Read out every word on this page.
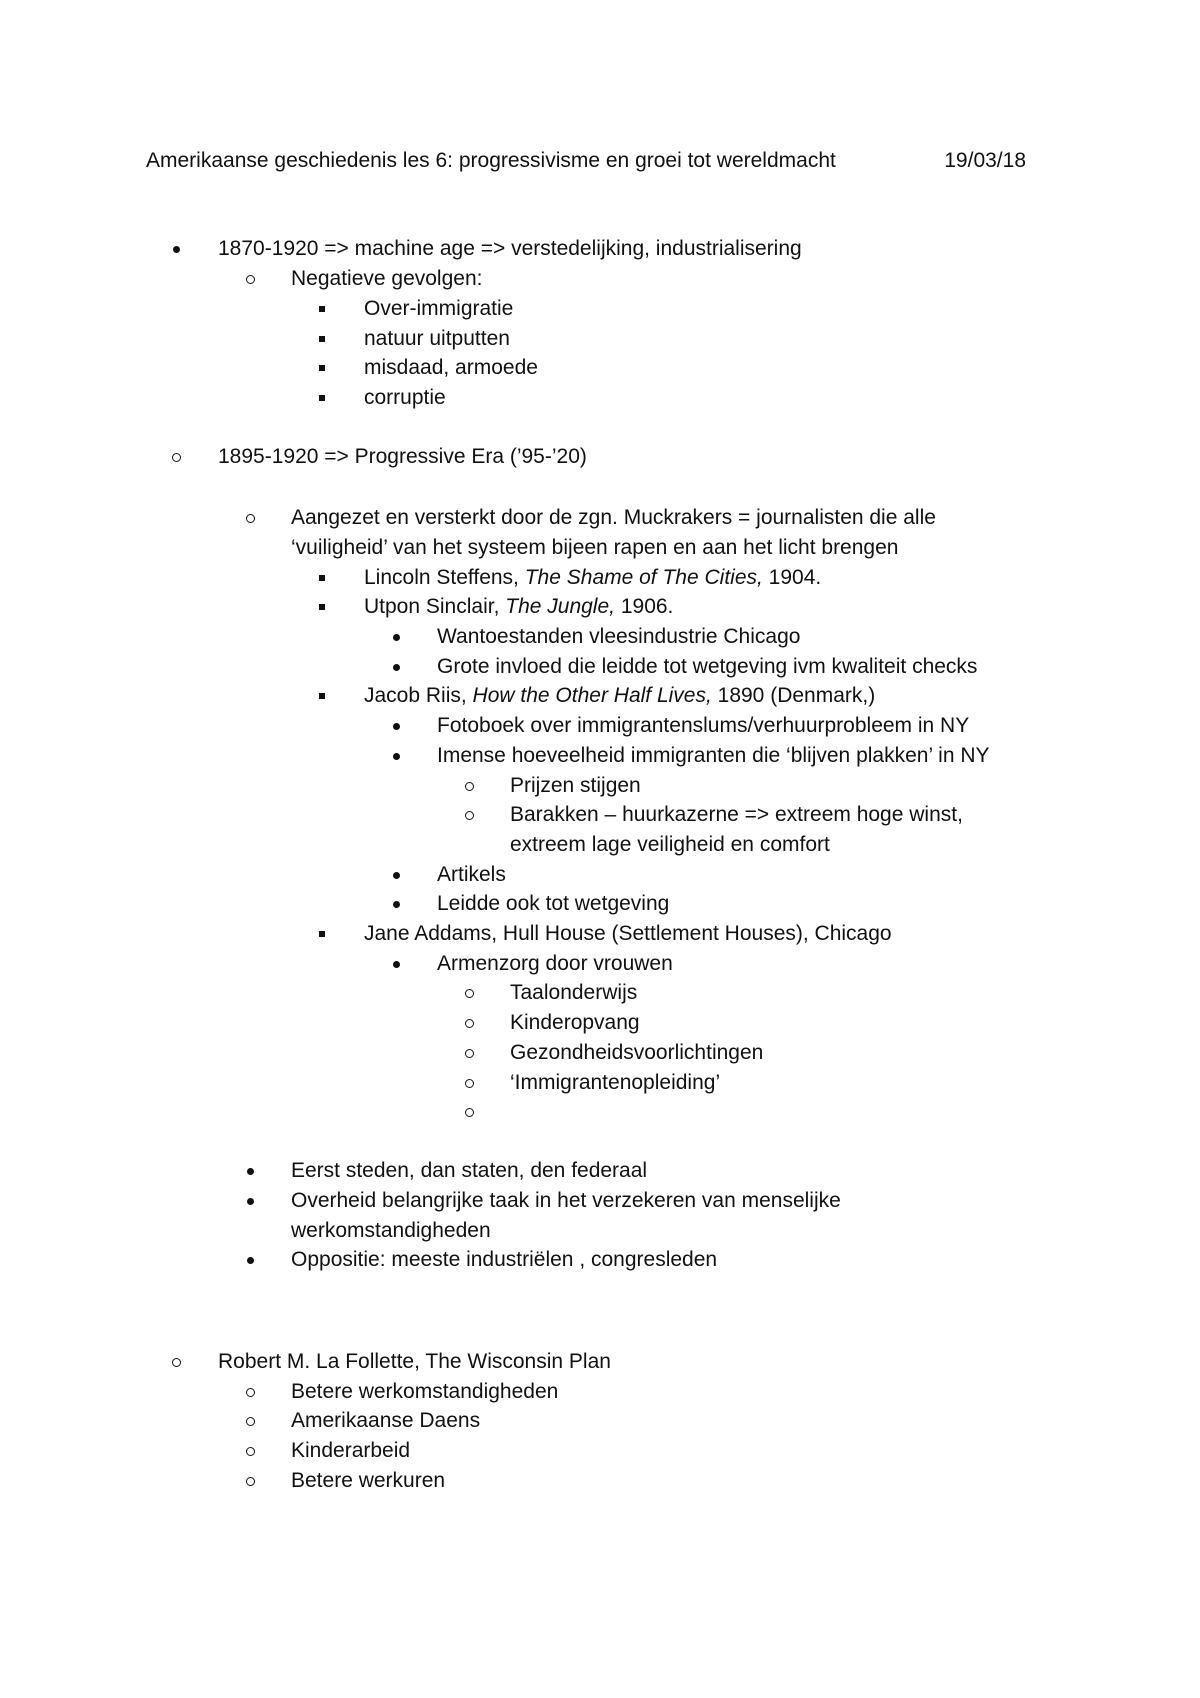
Amerikaanse geschiedenis les 6: progressivisme en groei tot wereldmacht	19/03/18
1870-1920 => machine age => verstedelijking, industrialisering
Negatieve gevolgen:
Over-immigratie
natuur uitputten
misdaad, armoede
corruptie
1895-1920 => Progressive Era (’95-’20)
Aangezet en versterkt door de zgn. Muckrakers = journalisten die alle
‘vuiligheid’ van het systeem bijeen rapen en aan het licht brengen
Lincoln Steffens, The Shame of The Cities, 1904.
Utpon Sinclair, The Jungle, 1906.
Wantoestanden vleesindustrie Chicago
Grote invloed die leidde tot wetgeving ivm kwaliteit checks
Jacob Riis, How the Other Half Lives, 1890 (Denmark,)
Fotoboek over immigrantenslums/verhuurprobleem in NY
Imense hoeveelheid immigranten die ‘blijven plakken’ in NY
Prijzen stijgen
Barakken – huurkazerne => extreem hoge winst,
extreem lage veiligheid en comfort
Artikels
Leidde ook tot wetgeving
Jane Addams, Hull House (Settlement Houses), Chicago
Armenzorg door vrouwen
Taalonderwijs
Kinderopvang
Gezondheidsvoorlichtingen
‘Immigrantenopleiding’
Eerst steden, dan staten, den federaal
Overheid belangrijke taak in het verzekeren van menselijke
werkomstandigheden
Oppositie: meeste industriëlen , congresleden
Robert M. La Follette, The Wisconsin Plan
Betere werkomstandigheden
Amerikaanse Daens
Kinderarbeid
Betere werkuren
